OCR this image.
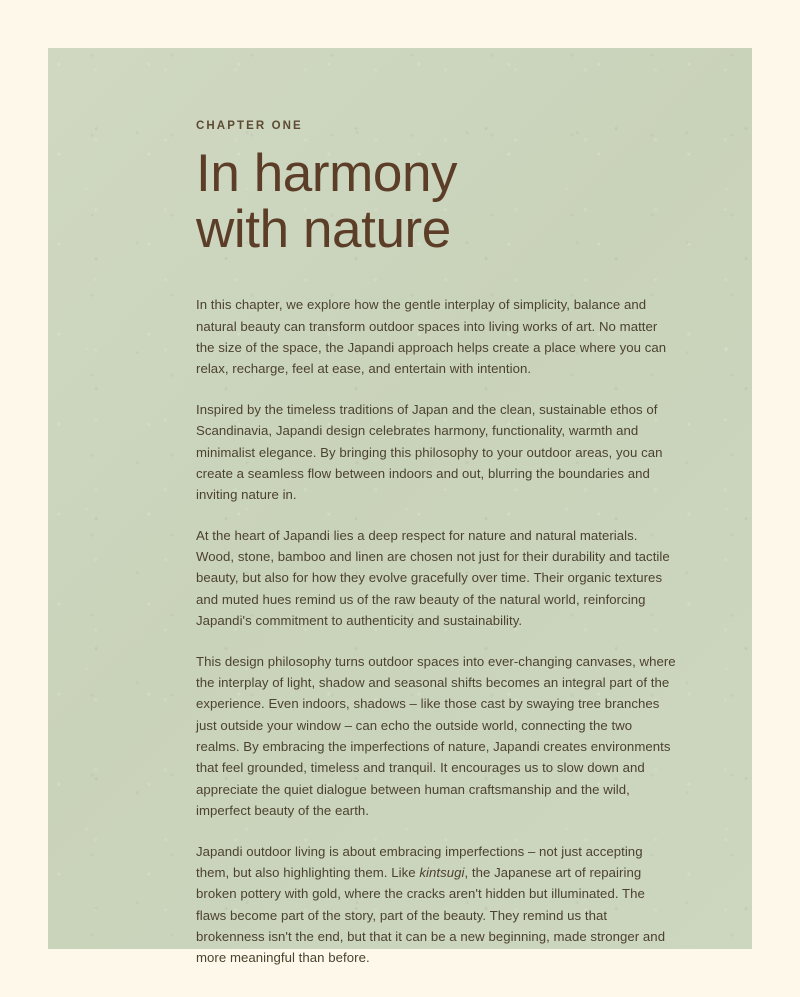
CHAPTER ONE

In harmony
with nature

In this chapter, we explore how the gentle interplay of simplicity, balance and natural beauty can transform outdoor spaces into living works of art. No matter the size of the space, the Japandi approach helps create a place where you can relax, recharge, feel at ease, and entertain with intention.

Inspired by the timeless traditions of Japan and the clean, sustainable ethos of Scandinavia, Japandi design celebrates harmony, functionality, warmth and minimalist elegance. By bringing this philosophy to your outdoor areas, you can create a seamless flow between indoors and out, blurring the boundaries and inviting nature in.

At the heart of Japandi lies a deep respect for nature and natural materials. Wood, stone, bamboo and linen are chosen not just for their durability and tactile beauty, but also for how they evolve gracefully over time. Their organic textures and muted hues remind us of the raw beauty of the natural world, reinforcing Japandi's commitment to authenticity and sustainability.

This design philosophy turns outdoor spaces into ever-changing canvases, where the interplay of light, shadow and seasonal shifts becomes an integral part of the experience. Even indoors, shadows – like those cast by swaying tree branches just outside your window – can echo the outside world, connecting the two realms. By embracing the imperfections of nature, Japandi creates environments that feel grounded, timeless and tranquil. It encourages us to slow down and appreciate the quiet dialogue between human craftsmanship and the wild, imperfect beauty of the earth.

Japandi outdoor living is about embracing imperfections – not just accepting them, but also highlighting them. Like kintsugi, the Japanese art of repairing broken pottery with gold, where the cracks aren't hidden but illuminated. The flaws become part of the story, part of the beauty. They remind us that brokenness isn't the end, but that it can be a new beginning, made stronger and more meaningful than before.
